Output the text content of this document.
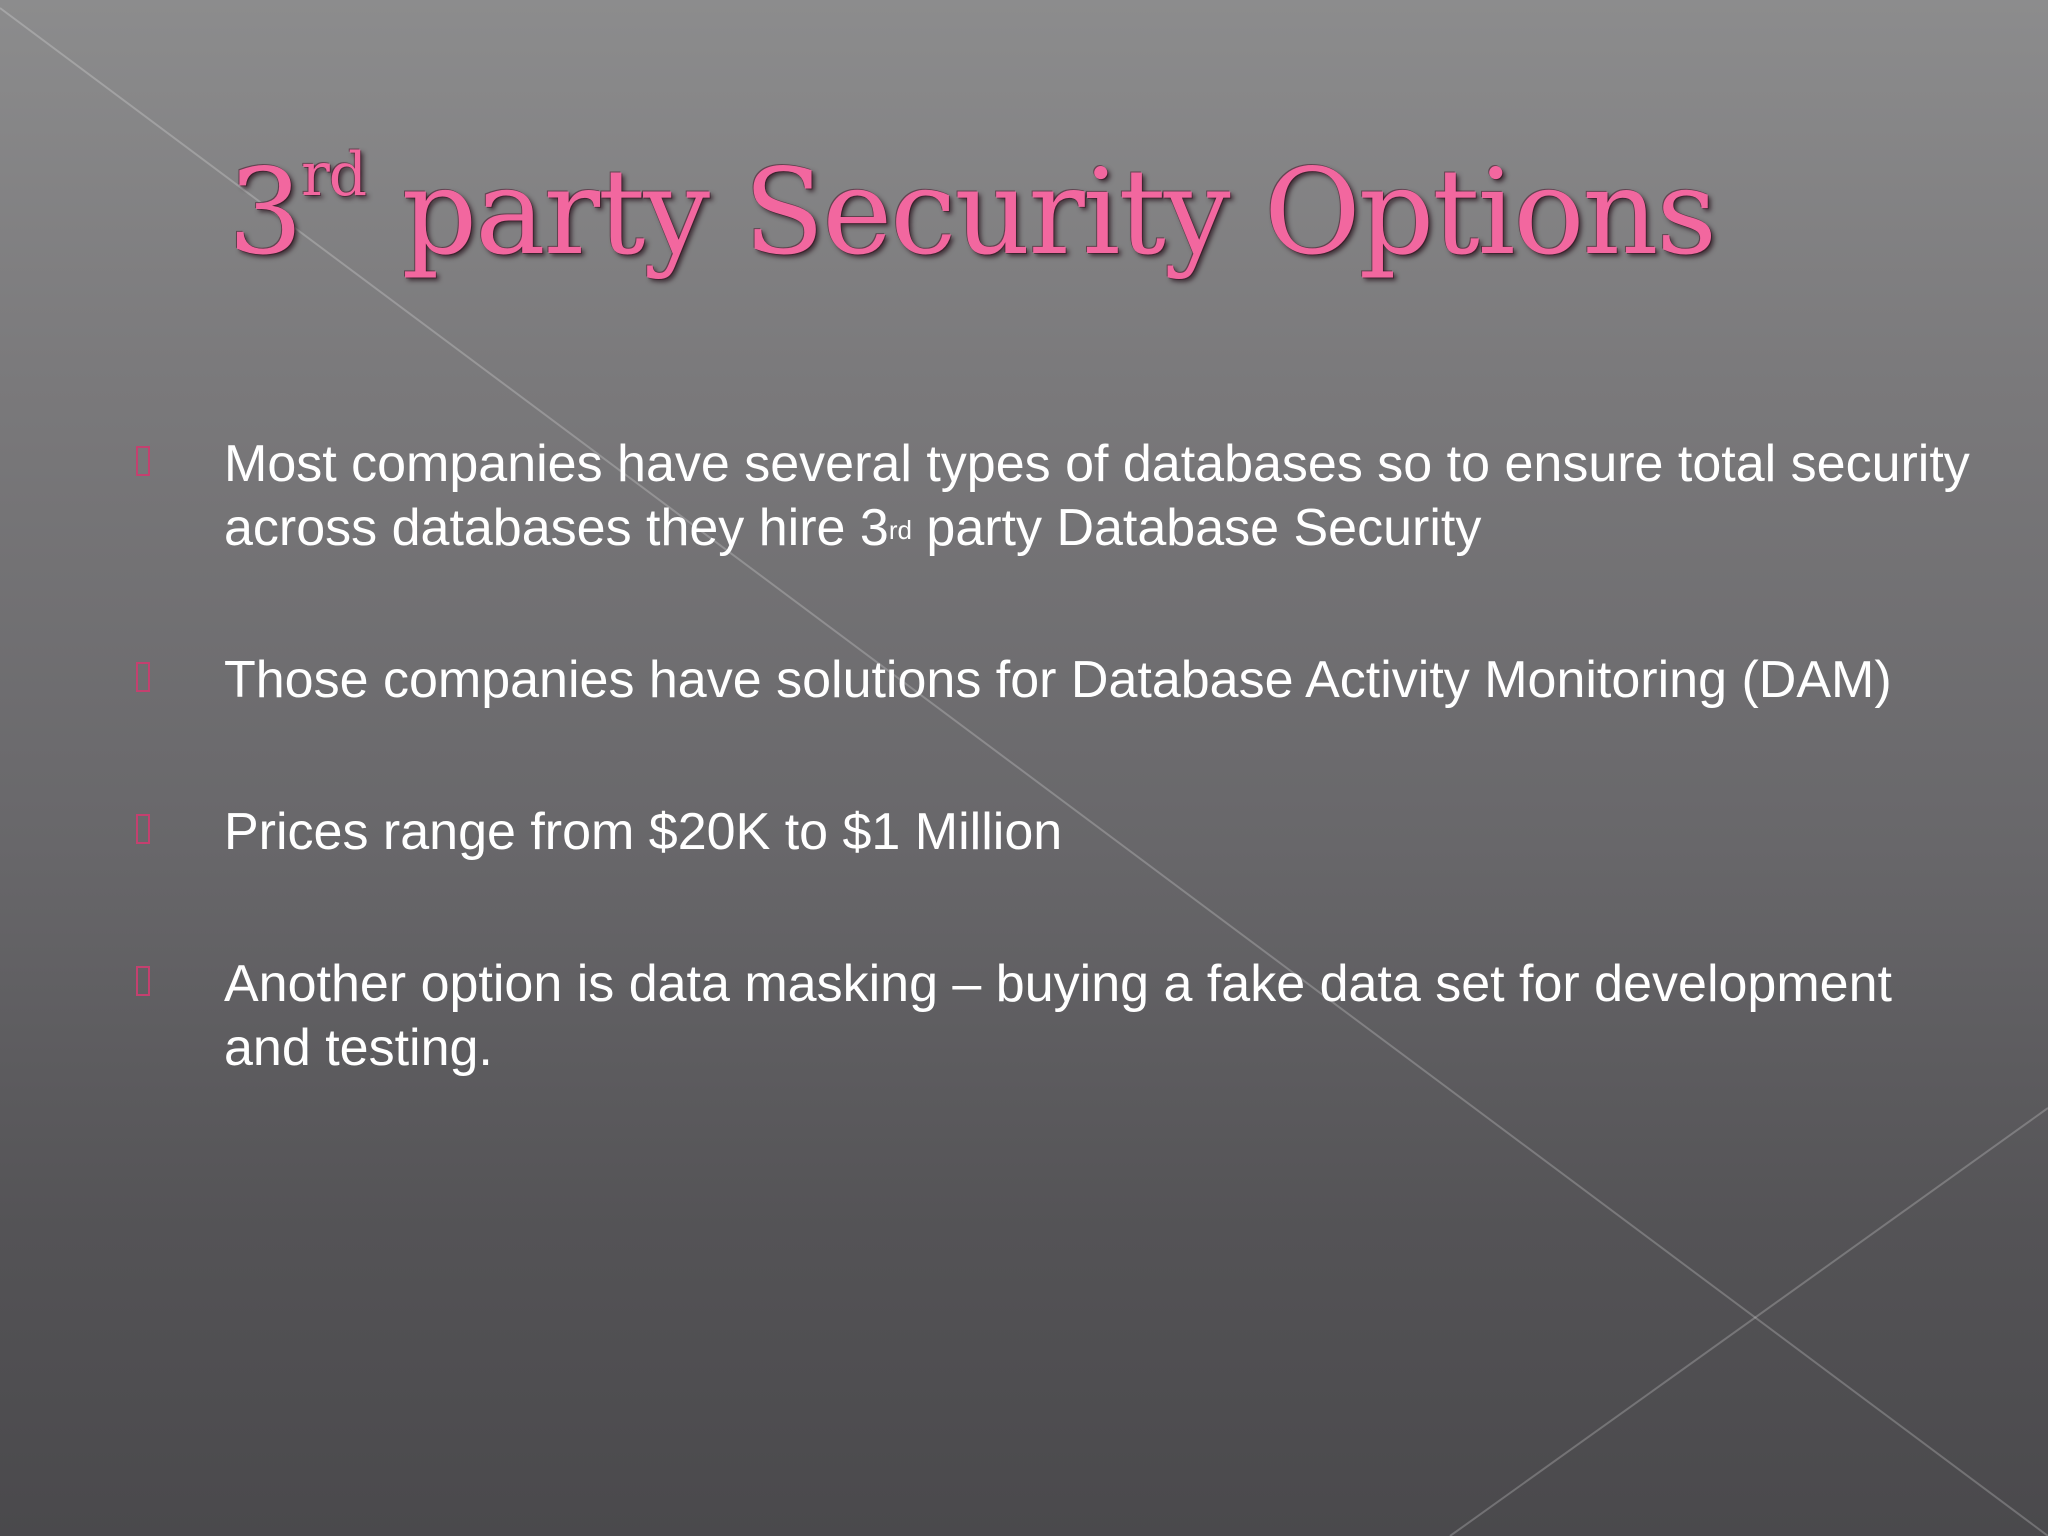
3rd party Security Options
Most companies have several types of databases so to ensure total security across databases they hire 3rd party Database Security
Those companies have solutions for Database Activity Monitoring (DAM)
Prices range from $20K to $1 Million
Another option is data masking – buying a fake data set for development and testing.
